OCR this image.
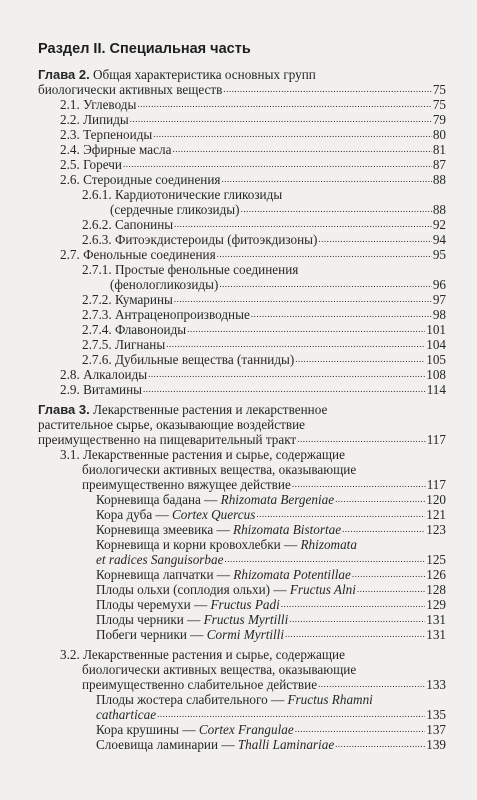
Раздел II. Специальная часть
Глава 2. Общая характеристика основных групп
биологически активных веществ .....	75
2.1. Углеводы .....	75
2.2. Липиды .....	79
2.3. Терпеноиды .....	80
2.4. Эфирные масла .....	81
2.5. Горечи .....	87
2.6. Стероидные соединения .....	88
2.6.1. Кардиотонические гликозиды
(сердечные гликозиды) .....	88
2.6.2. Сапонины .....	92
2.6.3. Фитоэкдистероиды (фитоэкдизоны) .....	94
2.7. Фенольные соединения .....	95
2.7.1. Простые фенольные соединения
(фенологликозиды) .....	96
2.7.2. Кумарины .....	97
2.7.3. Антраценопроизводные .....	98
2.7.4. Флавоноиды .....	101
2.7.5. Лигнаны .....	104
2.7.6. Дубильные вещества (танниды) .....	105
2.8. Алкалоиды .....	108
2.9. Витамины .....	114
Глава 3. Лекарственные растения и лекарственное
растительное сырье, оказывающие воздействие
преимущественно на пищеварительный тракт .....	117
3.1. Лекарственные растения и сырье, содержащие
биологически активных вещества, оказывающие
преимущественно вяжущее действие .....	117
Корневища бадана — Rhizomata Bergeniae .....	120
Кора дуба — Cortex Quercus .....	121
Корневища змеевика — Rhizomata Bistortae .....	123
Корневища и корни кровохлебки — Rhizomata
et radices Sanguisorbae .....	125
Корневища лапчатки — Rhizomata Potentillae .....	126
Плоды ольхи (соплодия ольхи) — Fructus Alni .....	128
Плоды черемухи — Fructus Padi .....	129
Плоды черники — Fructus Myrtilli .....	131
Побеги черники — Cormi Myrtilli .....	131
3.2. Лекарственные растения и сырье, содержащие
биологически активных вещества, оказывающие
преимущественно слабительное действие .....	133
Плоды жостера слабительного — Fructus Rhamni
catharticae .....	135
Кора крушины — Cortex Frangulae .....	137
Слоевища ламинарии — Thalli Laminariae .....	139
